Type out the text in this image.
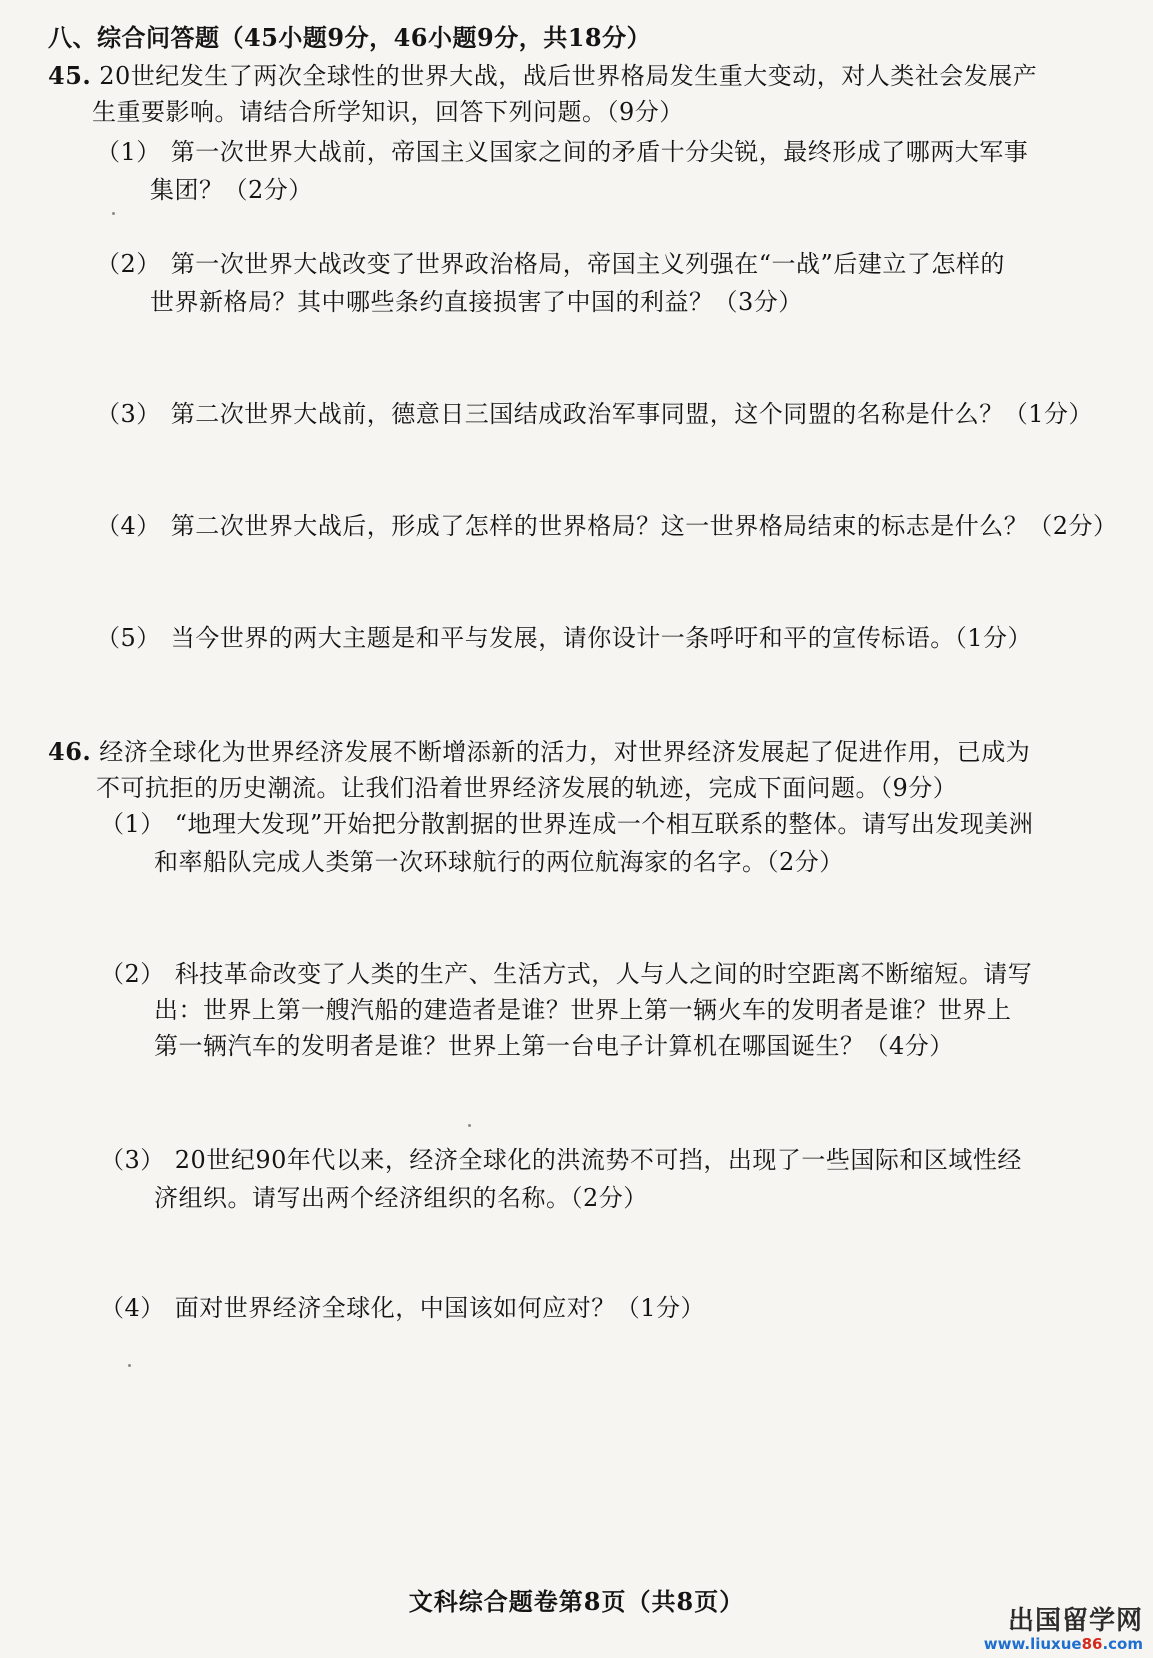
八、综合问答题（45小题9分，46小题9分，共18分）
45. 20世纪发生了两次全球性的世界大战，战后世界格局发生重大变动，对人类社会发展产
生重要影响。请结合所学知识，回答下列问题。（9分）
（1） 第一次世界大战前，帝国主义国家之间的矛盾十分尖锐，最终形成了哪两大军事
集团？（2分）
（2） 第一次世界大战改变了世界政治格局，帝国主义列强在“一战”后建立了怎样的
世界新格局？其中哪些条约直接损害了中国的利益？（3分）
（3） 第二次世界大战前，德意日三国结成政治军事同盟，这个同盟的名称是什么？（1分）
（4） 第二次世界大战后，形成了怎样的世界格局？这一世界格局结束的标志是什么？（2分）
（5） 当今世界的两大主题是和平与发展，请你设计一条呼吁和平的宣传标语。（1分）
46. 经济全球化为世界经济发展不断增添新的活力，对世界经济发展起了促进作用，已成为
不可抗拒的历史潮流。让我们沿着世界经济发展的轨迹，完成下面问题。（9分）
（1） “地理大发现”开始把分散割据的世界连成一个相互联系的整体。请写出发现美洲
和率船队完成人类第一次环球航行的两位航海家的名字。（2分）
（2） 科技革命改变了人类的生产、生活方式，人与人之间的时空距离不断缩短。请写
出：世界上第一艘汽船的建造者是谁？世界上第一辆火车的发明者是谁？世界上
第一辆汽车的发明者是谁？世界上第一台电子计算机在哪国诞生？（4分）
（3） 20世纪90年代以来，经济全球化的洪流势不可挡，出现了一些国际和区域性经
济组织。请写出两个经济组织的名称。（2分）
（4） 面对世界经济全球化，中国该如何应对？（1分）
文科综合题卷第8页（共8页）
出国留学网
www.liuxue86.com
